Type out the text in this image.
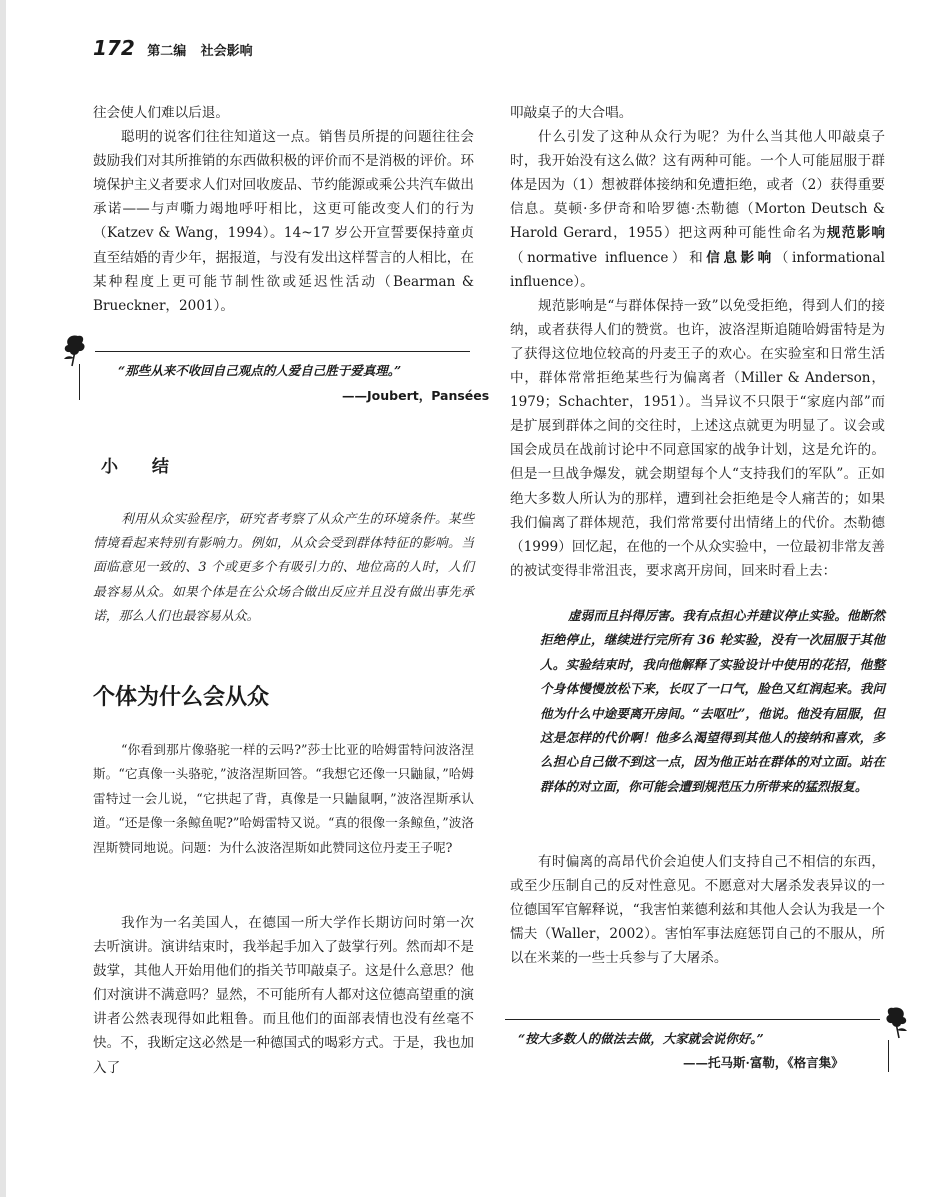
172 第二编 社会影响

往会使人们难以后退。

聪明的说客们往往知道这一点。销售员所提的问题往往会鼓励我们对其所推销的东西做积极的评价而不是消极的评价。环境保护主义者要求人们对回收废品、节约能源或乘公共汽车做出承诺——与声嘶力竭地呼吁相比，这更可能改变人们的行为（Katzev & Wang，1994）。14~17 岁公开宣誓要保持童贞直至结婚的青少年，据报道，与没有发出这样誓言的人相比，在某种程度上更可能节制性欲或延迟性活动（Bearman & Brueckner，2001）。

“那些从来不收回自己观点的人爱自己胜于爱真理。”
——Joubert，Pansées
小 结
利用从众实验程序，研究者考察了从众产生的环境条件。某些情境看起来特别有影响力。例如，从众会受到群体特征的影响。当面临意见一致的、3 个或更多个有吸引力的、地位高的人时，人们最容易从众。如果个体是在公众场合做出反应并且没有做出事先承诺，那么人们也最容易从众。
个体为什么会从众
“你看到那片像骆驼一样的云吗?”莎士比亚的哈姆雷特问波洛涅斯。“它真像一头骆驼，”波洛涅斯回答。“我想它还像一只鼬鼠，”哈姆雷特过一会儿说，“它拱起了背，真像是一只鼬鼠啊，”波洛涅斯承认道。“还是像一条鲸鱼呢?”哈姆雷特又说。“真的很像一条鲸鱼，”波洛涅斯赞同地说。问题：为什么波洛涅斯如此赞同这位丹麦王子呢?

我作为一名美国人，在德国一所大学作长期访问时第一次去听演讲。演讲结束时，我举起手加入了鼓掌行列。然而却不是鼓掌，其他人开始用他们的指关节叩敲桌子。这是什么意思？他们对演讲不满意吗？显然，不可能所有人都对这位德高望重的演讲者公然表现得如此粗鲁。而且他们的面部表情也没有丝毫不快。不，我断定这必然是一种德国式的喝彩方式。于是，我也加入了

叩敲桌子的大合唱。

什么引发了这种从众行为呢？为什么当其他人叩敲桌子时，我开始没有这么做？这有两种可能。一个人可能屈服于群体是因为（1）想被群体接纳和免遭拒绝，或者（2）获得重要信息。莫顿·多伊奇和哈罗德·杰勒德（Morton Deutsch & Harold Gerard，1955）把这两种可能性命名为规范影响（normative influence）和信息影响（informational influence）。

规范影响是“与群体保持一致”以免受拒绝，得到人们的接纳，或者获得人们的赞赏。也许，波洛涅斯追随哈姆雷特是为了获得这位地位较高的丹麦王子的欢心。在实验室和日常生活中，群体常常拒绝某些行为偏离者（Miller & Anderson，1979；Schachter，1951）。当异议不只限于“家庭内部”而是扩展到群体之间的交往时，上述这点就更为明显了。议会或国会成员在战前讨论中不同意国家的战争计划，这是允许的。但是一旦战争爆发，就会期望每个人“支持我们的军队”。正如绝大多数人所认为的那样，遭到社会拒绝是令人痛苦的；如果我们偏离了群体规范，我们常常要付出情绪上的代价。杰勒德（1999）回忆起，在他的一个从众实验中，一位最初非常友善的被试变得非常沮丧，要求离开房间，回来时看上去：

虚弱而且抖得厉害。我有点担心并建议停止实验。他断然拒绝停止，继续进行完所有 36 轮实验，没有一次屈服于其他人。实验结束时，我向他解释了实验设计中使用的花招，他整个身体慢慢放松下来，长叹了一口气，脸色又红润起来。我问他为什么中途要离开房间。“去呕吐”，他说。他没有屈服，但这是怎样的代价啊！他多么渴望得到其他人的接纳和喜欢，多么担心自己做不到这一点，因为他正站在群体的对立面。站在群体的对立面，你可能会遭到规范压力所带来的猛烈报复。

有时偏离的高昂代价会迫使人们支持自己不相信的东西，或至少压制自己的反对性意见。不愿意对大屠杀发表异议的一位德国军官解释说，“我害怕莱德利兹和其他人会认为我是一个懦夫（Waller，2002）。害怕军事法庭惩罚自己的不服从，所以在米莱的一些士兵参与了大屠杀。

“按大多数人的做法去做，大家就会说你好。”
——托马斯·富勒，《格言集》
